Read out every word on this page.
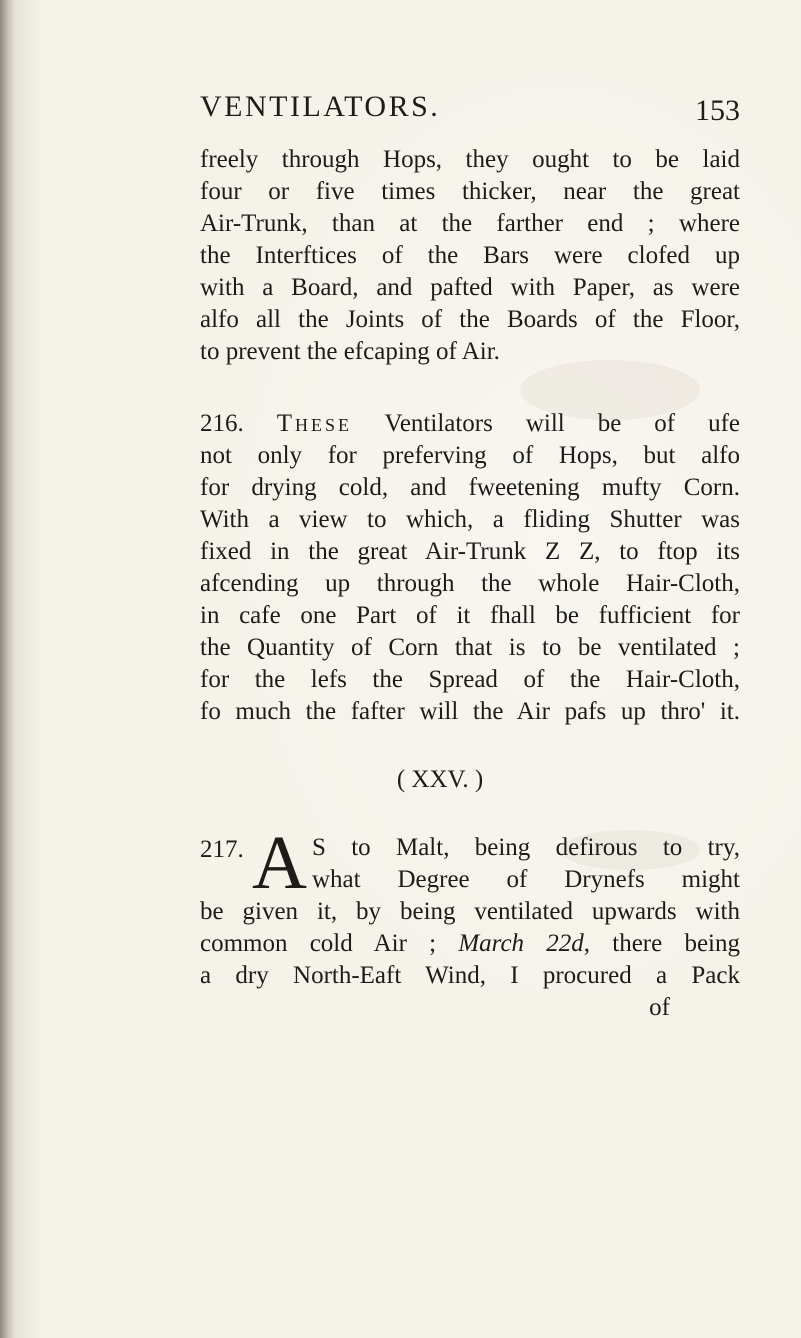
VENTILATORS.	153
freely through Hops, they ought to be laid
four or five times thicker, near the great
Air-Trunk, than at the farther end ; where
the Interftices of the Bars were clofed up
with a Board, and pafted with Paper, as were
alfo all the Joints of the Boards of the Floor,
to prevent the efcaping of Air.
216. These Ventilators will be of ufe
not only for preferving of Hops, but alfo
for drying cold, and fweetening mufty Corn.
With a view to which, a fliding Shutter was
fixed in the great Air-Trunk Z Z, to ftop its
afcending up through the whole Hair-Cloth,
in cafe one Part of it fhall be fufficient for
the Quantity of Corn that is to be ventilated ;
for the lefs the Spread of the Hair-Cloth,
fo much the fafter will the Air pafs up thro' it.
( XXV. )
217. A S to Malt, being defirous to try,
what Degree of Drynefs might
be given it, by being ventilated upwards with
common cold Air ; March 22d, there being
a dry North-Eaft Wind, I procured a Pack
of
